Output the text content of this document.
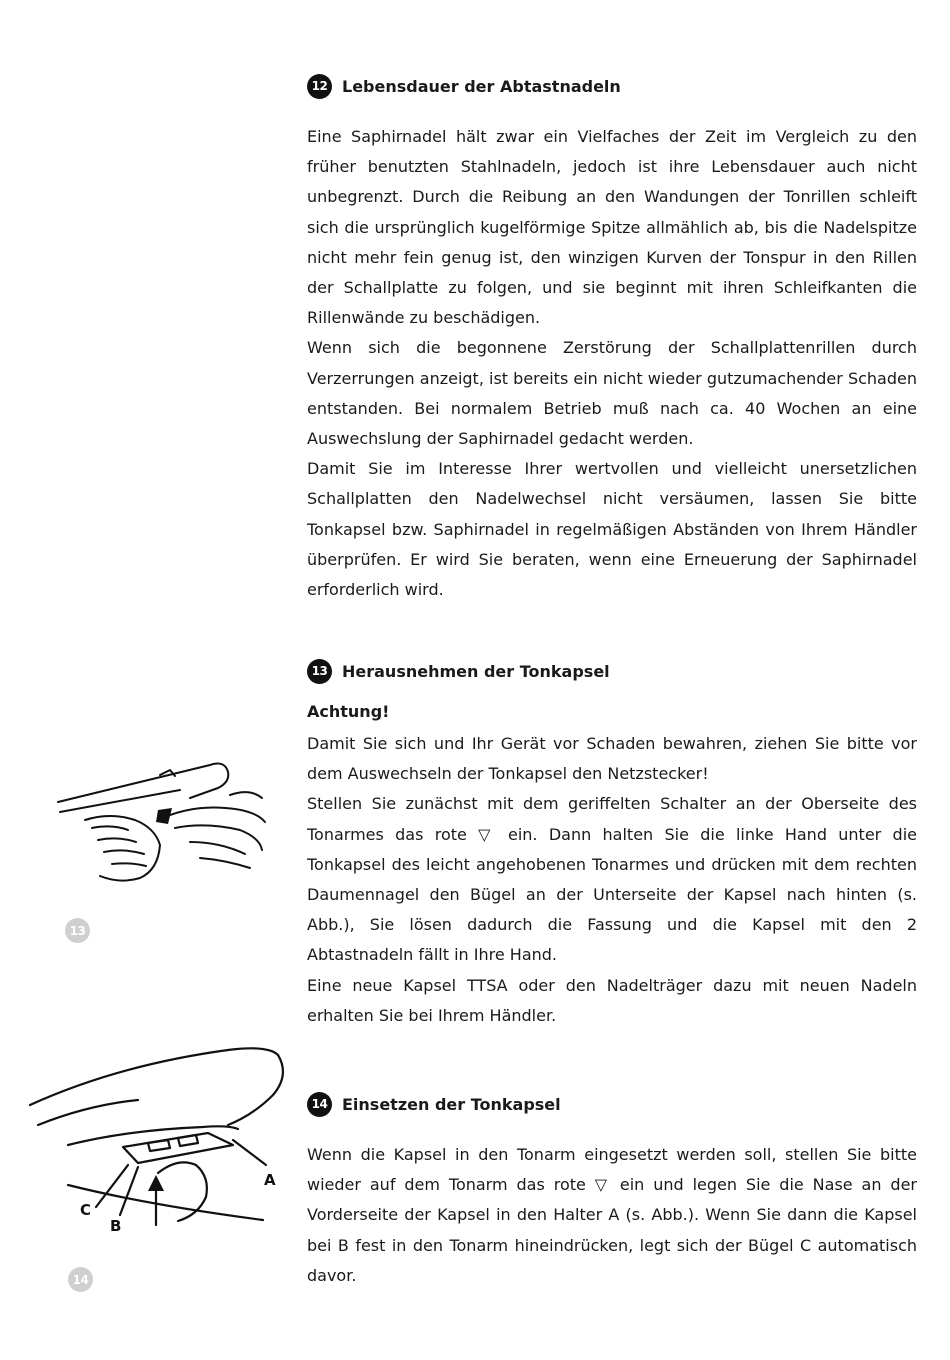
12 Lebensdauer der Abtastnadeln

Eine Saphirnadel hält zwar ein Vielfaches der Zeit im Vergleich zu den früher benutzten Stahlnadeln, jedoch ist ihre Lebensdauer auch nicht unbegrenzt. Durch die Reibung an den Wandungen der Tonrillen schleift sich die ursprünglich kugelförmige Spitze allmählich ab, bis die Nadelspitze nicht mehr fein genug ist, den winzigen Kurven der Tonspur in den Rillen der Schallplatte zu folgen, und sie beginnt mit ihren Schleifkanten die Rillenwände zu beschädigen.

Wenn sich die begonnene Zerstörung der Schallplattenrillen durch Verzerrungen anzeigt, ist bereits ein nicht wieder gutzumachender Schaden entstanden. Bei normalem Betrieb muß nach ca. 40 Wochen an eine Auswechslung der Saphirnadel gedacht werden.

Damit Sie im Interesse Ihrer wertvollen und vielleicht unersetzlichen Schallplatten den Nadelwechsel nicht versäumen, lassen Sie bitte Tonkapsel bzw. Saphirnadel in regelmäßigen Abständen von Ihrem Händler überprüfen. Er wird Sie beraten, wenn eine Erneuerung der Saphirnadel erforderlich wird.

13 Herausnehmen der Tonkapsel
Achtung!

Damit Sie sich und Ihr Gerät vor Schaden bewahren, ziehen Sie bitte vor dem Auswechseln der Tonkapsel den Netzstecker!

Stellen Sie zunächst mit dem geriffelten Schalter an der Oberseite des Tonarmes das rote ▽ ein. Dann halten Sie die linke Hand unter die Tonkapsel des leicht angehobenen Tonarmes und drücken mit dem rechten Daumennagel den Bügel an der Unterseite der Kapsel nach hinten (s. Abb.), Sie lösen dadurch die Fassung und die Kapsel mit den 2 Abtastnadeln fällt in Ihre Hand.

Eine neue Kapsel TTSA oder den Nadelträger dazu mit neuen Nadeln erhalten Sie bei Ihrem Händler.

14 Einsetzen der Tonkapsel

Wenn die Kapsel in den Tonarm eingesetzt werden soll, stellen Sie bitte wieder auf dem Tonarm das rote ▽ ein und legen Sie die Nase an der Vorderseite der Kapsel in den Halter A (s. Abb.). Wenn Sie dann die Kapsel bei B fest in den Tonarm hineindrücken, legt sich der Bügel C automatisch davor.

13
A
C
B
14
